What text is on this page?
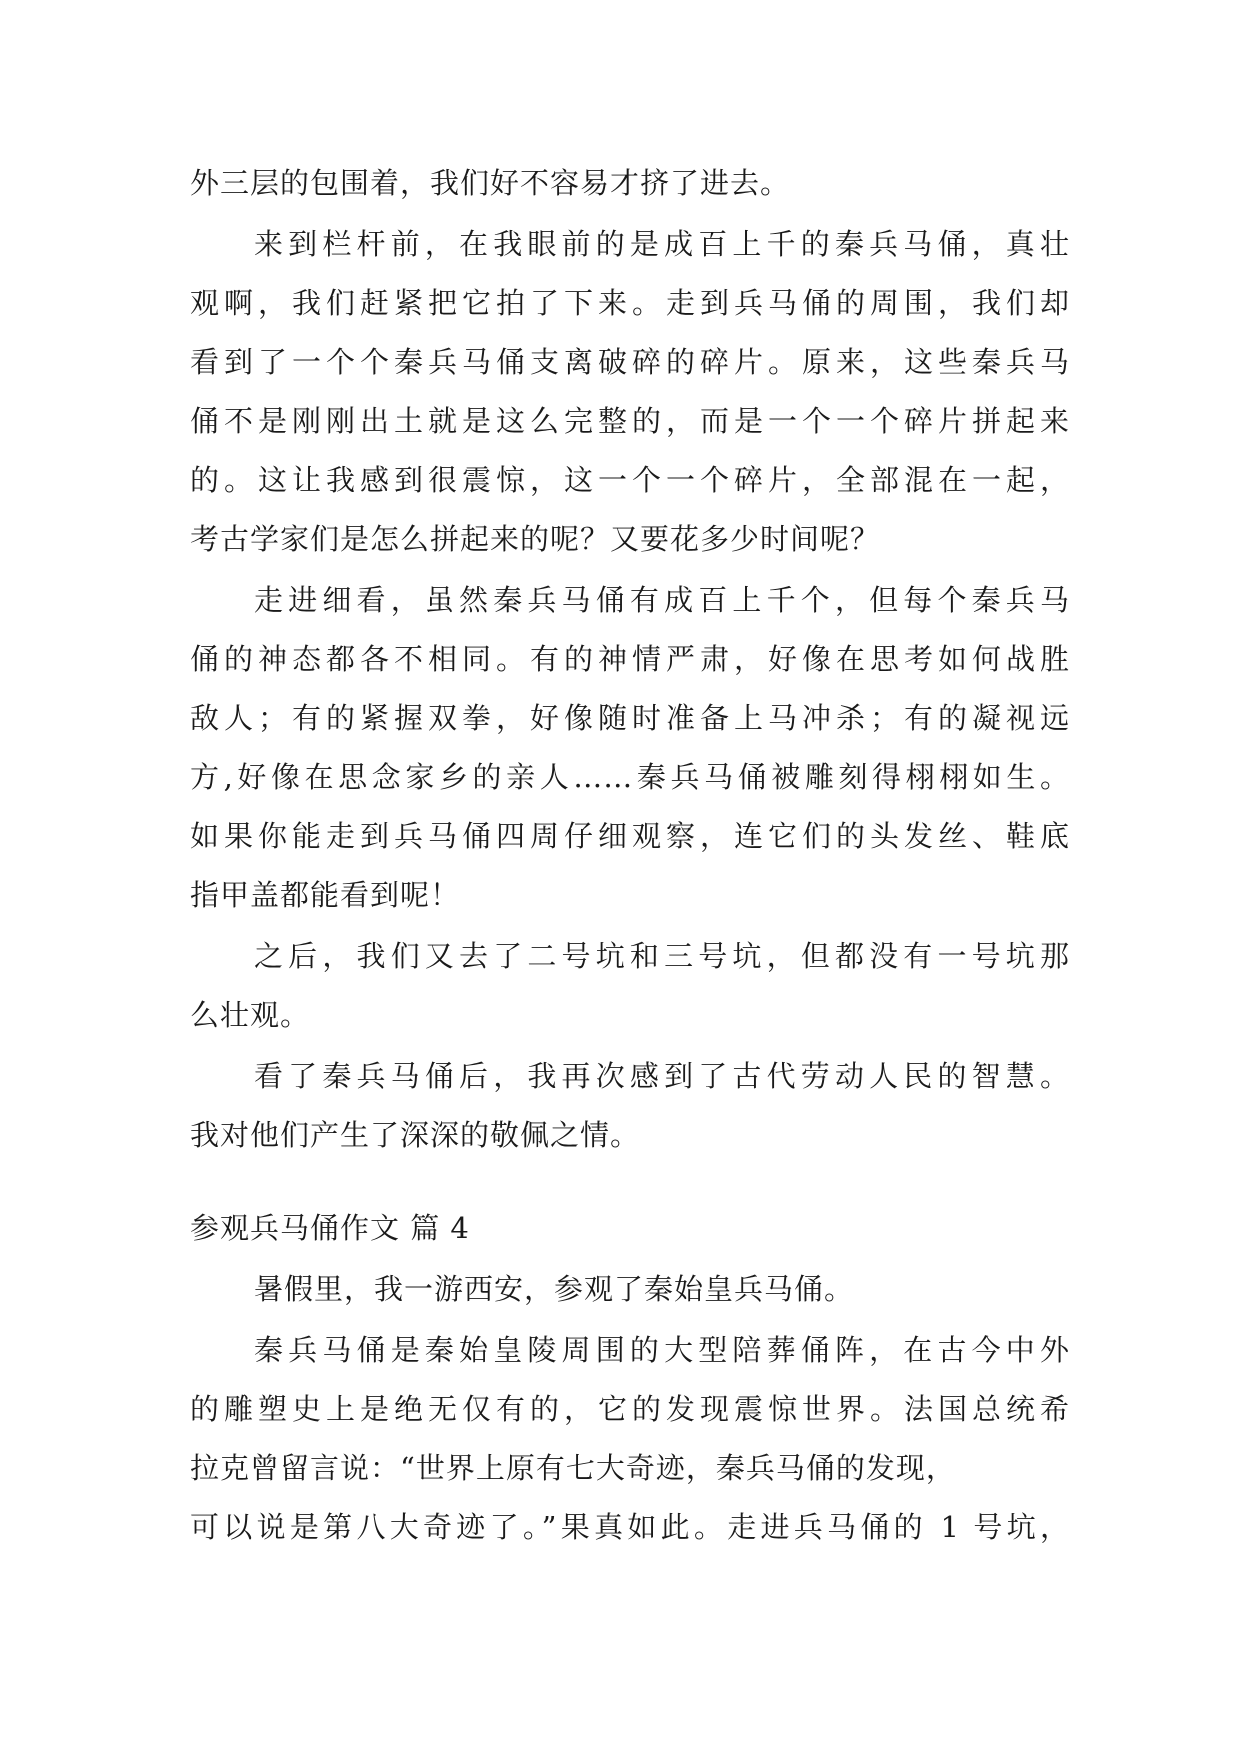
外三层的包围着，我们好不容易才挤了进去。
来到栏杆前，在我眼前的是成百上千的秦兵马俑，真壮
观啊，我们赶紧把它拍了下来。走到兵马俑的周围，我们却
看到了一个个秦兵马俑支离破碎的碎片。原来，这些秦兵马
俑不是刚刚出土就是这么完整的，而是一个一个碎片拼起来
的。这让我感到很震惊，这一个一个碎片，全部混在一起，
考古学家们是怎么拼起来的呢？又要花多少时间呢？
走进细看，虽然秦兵马俑有成百上千个，但每个秦兵马
俑的神态都各不相同。有的神情严肃，好像在思考如何战胜
敌人；有的紧握双拳，好像随时准备上马冲杀；有的凝视远
方,好像在思念家乡的亲人……秦兵马俑被雕刻得栩栩如生。
如果你能走到兵马俑四周仔细观察，连它们的头发丝、鞋底
指甲盖都能看到呢！
之后，我们又去了二号坑和三号坑，但都没有一号坑那
么壮观。
看了秦兵马俑后，我再次感到了古代劳动人民的智慧。
我对他们产生了深深的敬佩之情。
参观兵马俑作文 篇 4
暑假里，我一游西安，参观了秦始皇兵马俑。
秦兵马俑是秦始皇陵周围的大型陪葬俑阵，在古今中外
的雕塑史上是绝无仅有的，它的发现震惊世界。法国总统希
拉克曾留言说：“世界上原有七大奇迹，秦兵马俑的发现，
可以说是第八大奇迹了。”果真如此。走进兵马俑的 1 号坑，
